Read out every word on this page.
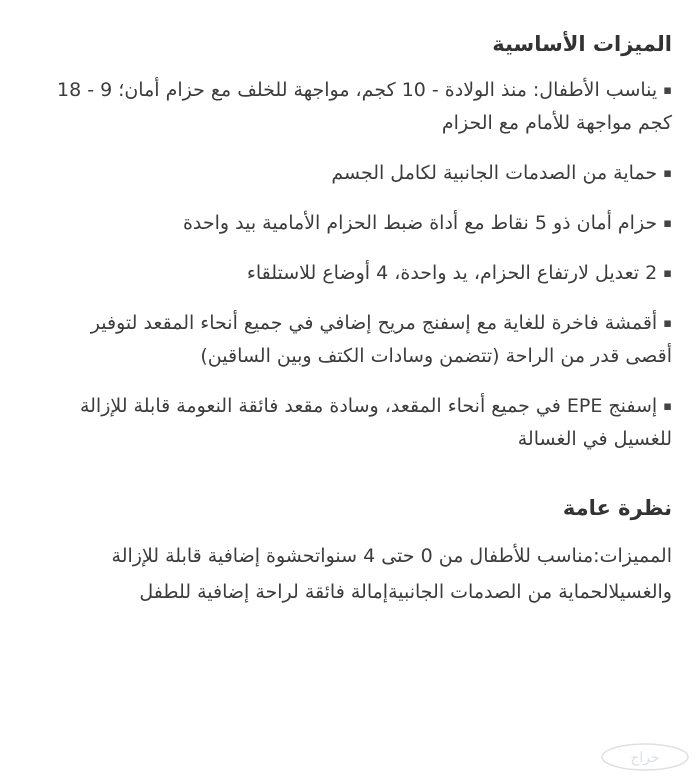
الميزات الأساسية
▪يناسب الأطفال: منذ الولادة - 10 كجم، مواجهة للخلف مع حزام أمان؛ 9 - 18 كجم مواجهة للأمام مع الحزام
▪حماية من الصدمات الجانبية لكامل الجسم
▪حزام أمان ذو 5 نقاط مع أداة ضبط الحزام الأمامية بيد واحدة
▪2 تعديل لارتفاع الحزام، يد واحدة، 4 أوضاع للاستلقاء
▪أقمشة فاخرة للغاية مع إسفنج مريح إضافي في جميع أنحاء المقعد لتوفير أقصى قدر من الراحة (تتضمن وسادات الكتف وبين الساقين)
▪إسفنج EPE في جميع أنحاء المقعد، وسادة مقعد فائقة النعومة قابلة للإزالة للغسيل في الغسالة
نظرة عامة

المميزات:مناسب للأطفال من 0 حتى 4 سنواتحشوة إضافية قابلة للإزالة والغسيلالحماية من الصدمات الجانبيةإمالة فائقة لراحة إضافية للطفل

حراج
